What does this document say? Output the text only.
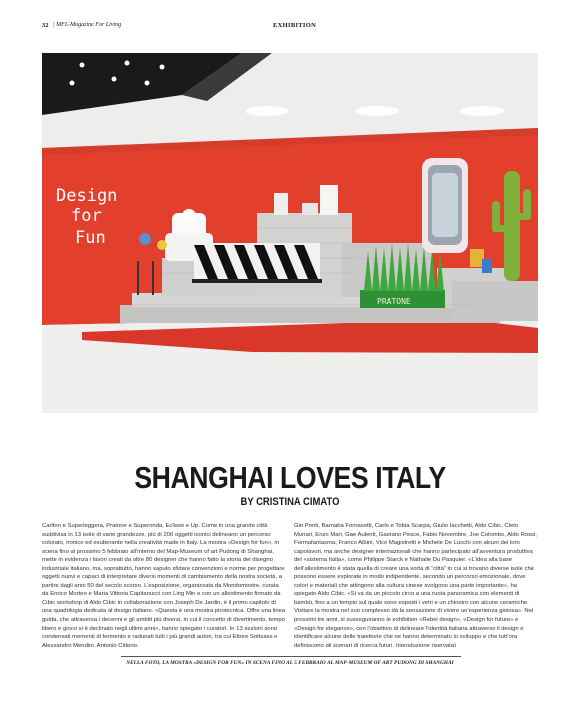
32 | MFL-Magazine For Living	EXHIBITION
Design
for
Fun
PRATONE
SHANGHAI LOVES ITALY
BY CRISTINA CIMATO
Carlton e Superleggera, Pratone e Superonda, Eclisse e Up. Come in una grande città suddivisa in 13 isole di varie grandezze, più di 200 oggetti iconici delineano un percorso colorato, ironico ed esuberante nella creatività made in Italy. La mostra «Design for fun», in scena fino al prossimo 5 febbraio all’interno del Map-Museum of art Pudong di Shanghai, mette in evidenza i lavori creati da oltre 80 designer che hanno fatto la storia del disegno industriale italiano, ma, soprattutto, hanno saputo sfidare convenzioni e norme per progettare oggetti nuovi e capaci di interpretare diversi momenti di cambiamento della nostra società, a partire dagli anni 50 del secolo scorso. L’esposizione, organizzata da Mondomostre, curata da Enrico Morteo e Maria Vittoria Capitanucci con Ling Min e con un allestimento firmato da Cibic workshop di Aldo Cibic in collaborazione con Joseph De Jardin, è il primo capitolo di una quadrilogia dedicata al design italiano. «Questa è una mostra pirotecnica. Offre una linea guida, che attraversa i decenni e gli ambiti più diversi, in cui il concetto di divertimento, tempo libero e gioco si è declinato negli ultimi anni», hanno spiegato i curatori. In 13 sezioni sono condensati momenti di fermento e radunati tutti i più grandi autori, tra cui Ettore Sottsass e Alessandro Mendini, Antonio Citterio,
Gio Ponti, Barnaba Fornasetti, Carlo e Tobia Scarpa, Giulio Iacchetti, Aldo Cibic, Cleto Munari, Enzo Mari, Gae Aulenti, Gaetano Pesce, Fabio Novembre, Joe Colombo, Aldo Rossi, Formafantasma, Franco Albini, Vico Magistretti e Michele De Lucchi con alcuni dei loro capolavori, ma anche designer internazionali che hanno partecipato all’avventura produttiva del «sistema Italia», come Philippe Starck e Nathalie Du Pasquier. «L’idea alla base dell’allestimento è stata quella di creare una sorta di “città” in cui si trovano diverse isole che possono essere esplorate in modo indipendente, secondo un percorso emozionale, dove colori e materiali che attingono alla cultura cinese svolgono una parte importante», ha spiegato Aldo Cibic. «Si va da un piccolo circo a una ruota panoramica con elementi di bambù, fino a un tempio sul quale sono esposti i vetri e un chiostro con alcune ceramiche. Visitare la mostra nel suo complesso dà la sensazione di vivere un’esperienza gioiosa». Nei prossimi tre anni, si susseguiranno le exhibition «Rebel design», «Design for future» e «Design for elegance», con l’obiettivo di delineare l’identità italiana attraverso il design e identificare alcune delle traiettorie che ne hanno determinato lo sviluppo e che tutt’ora definiscono gli scenari di ricerca futuri. (riproduzione riservata)
NELLA FOTO, LA MOSTRA «DESIGN FOR FUN» IN SCENA FINO AL 5 FEBBRAIO AL MAP-MUSEUM OF ART PUDONG DI SHANGHAI
